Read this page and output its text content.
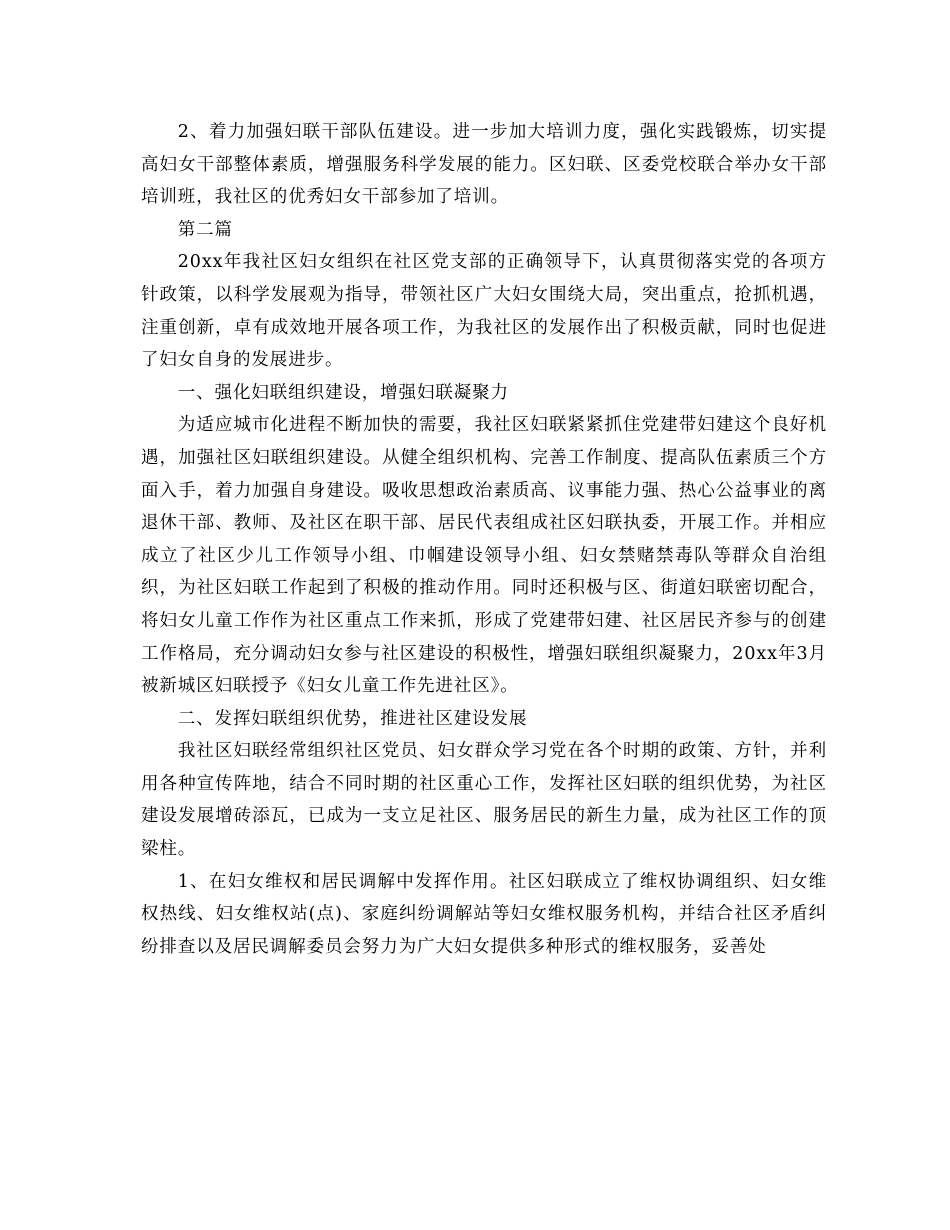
2、着力加强妇联干部队伍建设。进一步加大培训力度，强化实践锻炼，切实提高妇女干部整体素质，增强服务科学发展的能力。区妇联、区委党校联合举办女干部培训班，我社区的优秀妇女干部参加了培训。

第二篇

20xx年我社区妇女组织在社区党支部的正确领导下，认真贯彻落实党的各项方针政策，以科学发展观为指导，带领社区广大妇女围绕大局，突出重点，抢抓机遇，注重创新，卓有成效地开展各项工作，为我社区的发展作出了积极贡献，同时也促进了妇女自身的发展进步。

一、强化妇联组织建设，增强妇联凝聚力

为适应城市化进程不断加快的需要，我社区妇联紧紧抓住党建带妇建这个良好机遇，加强社区妇联组织建设。从健全组织机构、完善工作制度、提高队伍素质三个方面入手，着力加强自身建设。吸收思想政治素质高、议事能力强、热心公益事业的离退休干部、教师、及社区在职干部、居民代表组成社区妇联执委，开展工作。并相应成立了社区少儿工作领导小组、巾帼建设领导小组、妇女禁赌禁毒队等群众自治组织，为社区妇联工作起到了积极的推动作用。同时还积极与区、街道妇联密切配合，将妇女儿童工作作为社区重点工作来抓，形成了党建带妇建、社区居民齐参与的创建工作格局，充分调动妇女参与社区建设的积极性，增强妇联组织凝聚力，20xx年3月被新城区妇联授予《妇女儿童工作先进社区》。

二、发挥妇联组织优势，推进社区建设发展

我社区妇联经常组织社区党员、妇女群众学习党在各个时期的政策、方针，并利用各种宣传阵地，结合不同时期的社区重心工作，发挥社区妇联的组织优势，为社区建设发展增砖添瓦，已成为一支立足社区、服务居民的新生力量，成为社区工作的顶梁柱。

1、在妇女维权和居民调解中发挥作用。社区妇联成立了维权协调组织、妇女维权热线、妇女维权站(点)、家庭纠纷调解站等妇女维权服务机构，并结合社区矛盾纠纷排查以及居民调解委员会努力为广大妇女提供多种形式的维权服务，妥善处
